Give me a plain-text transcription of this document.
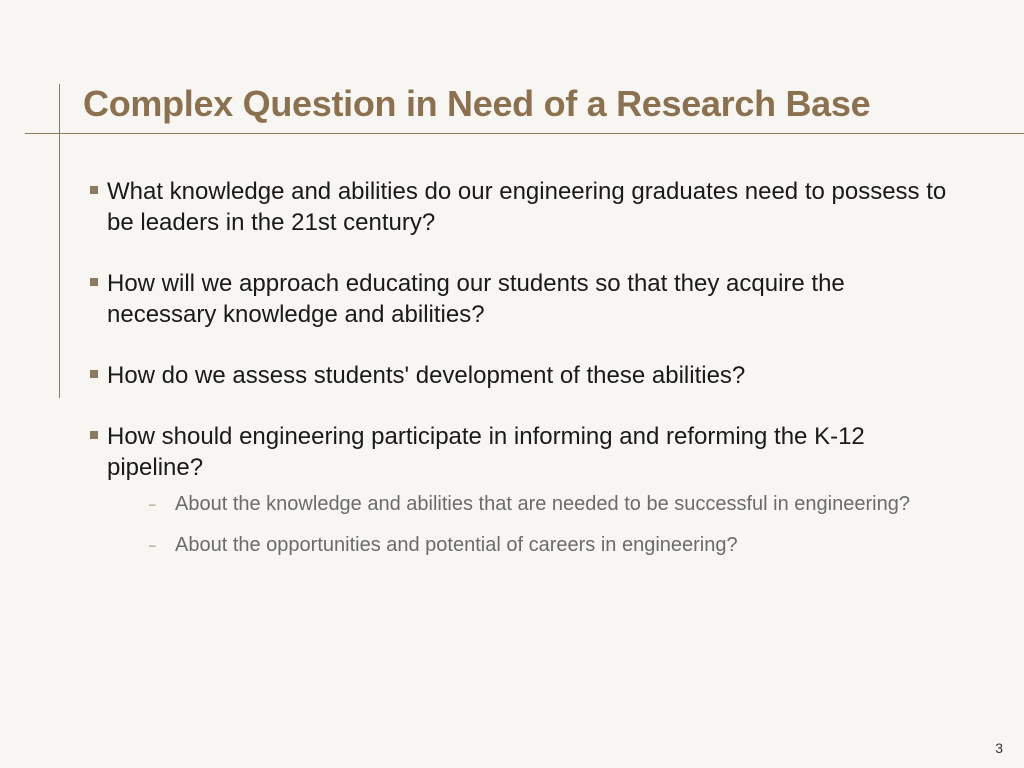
Complex Question in Need of a Research Base
What knowledge and abilities do our engineering graduates need to possess to be leaders in the 21st century?
How will we approach educating our students so that they acquire the necessary knowledge and abilities?
How do we assess students' development of these abilities?
How should engineering participate in informing and reforming the K-12 pipeline?
– About the knowledge and abilities that are needed to be successful in engineering?
– About the opportunities and potential of careers in engineering?
3
